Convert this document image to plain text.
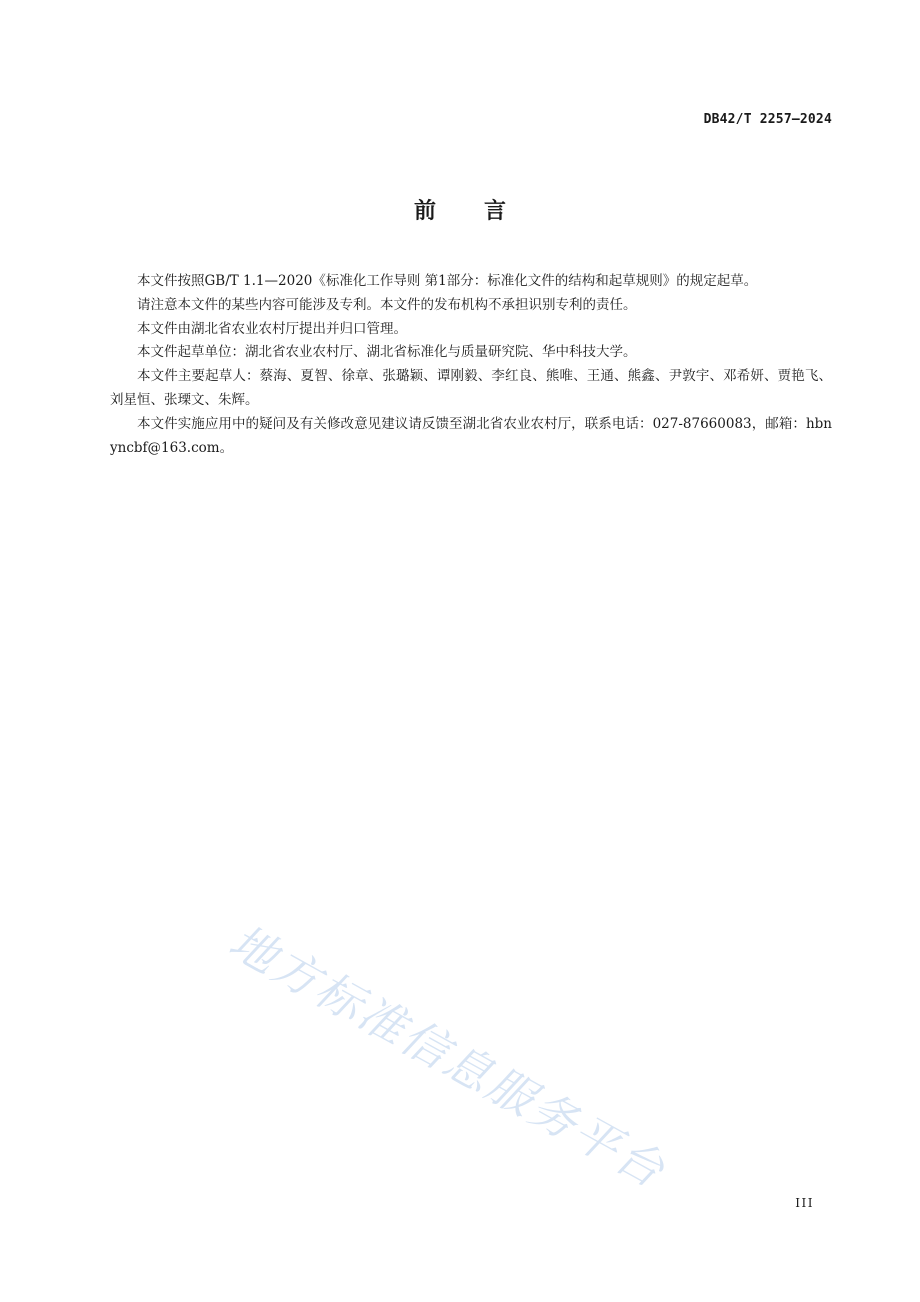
DB42/T 2257—2024
前言

本文件按照GB/T 1.1—2020《标准化工作导则 第1部分：标准化文件的结构和起草规则》的规定起草。

请注意本文件的某些内容可能涉及专利。本文件的发布机构不承担识别专利的责任。

本文件由湖北省农业农村厅提出并归口管理。

本文件起草单位：湖北省农业农村厅、湖北省标准化与质量研究院、华中科技大学。

本文件主要起草人：蔡海、夏智、徐章、张璐颖、谭刚毅、李红良、熊唯、王通、熊鑫、尹敦宇、邓希妍、贾艳飞、刘星恒、张瑮文、朱辉。

本文件实施应用中的疑问及有关修改意见建议请反馈至湖北省农业农村厅，联系电话：027-87660083，邮箱：hbnyncbf@163.com。

地方标准信息服务平台
III
